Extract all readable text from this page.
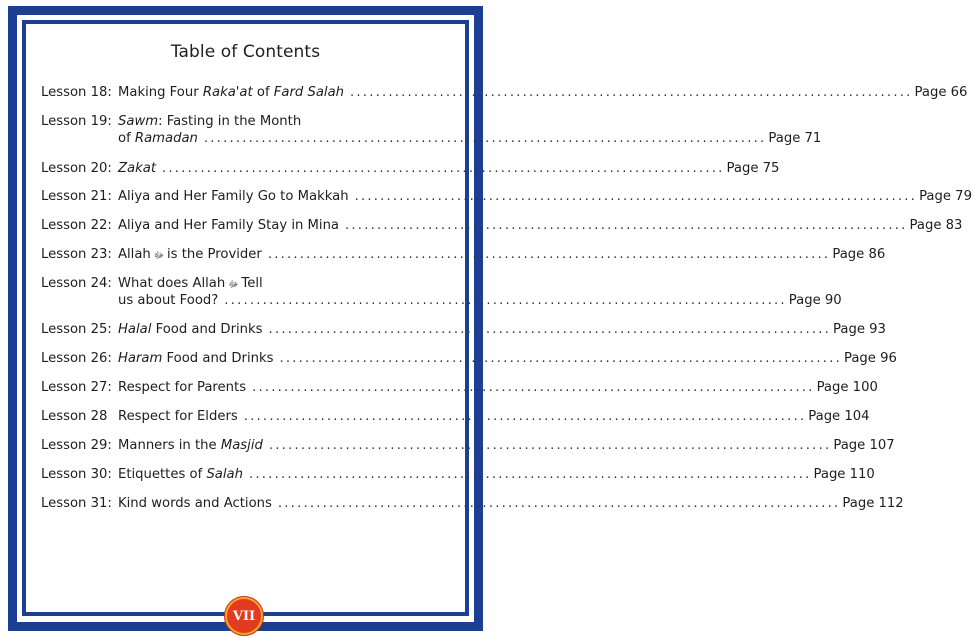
Table of Contents
Lesson 18: Making Four Raka'at of Fard Salah ........................................................................................ Page 66
Lesson 19: Sawm: Fasting in the Month
of Ramadan ........................................................................................ Page 71
Lesson 20: Zakat ........................................................................................ Page 75
Lesson 21: Aliya and Her Family Go to Makkah ........................................................................................ Page 79
Lesson 22: Aliya and Her Family Stay in Mina ........................................................................................ Page 83
Lesson 23: Allah ﷻ is the Provider ........................................................................................ Page 86
Lesson 24: What does Allah ﷻ Tell
us about Food? ........................................................................................ Page 90
Lesson 25: Halal Food and Drinks ........................................................................................ Page 93
Lesson 26: Haram Food and Drinks ........................................................................................ Page 96
Lesson 27: Respect for Parents ........................................................................................ Page 100
Lesson 28 Respect for Elders ........................................................................................ Page 104
Lesson 29: Manners in the Masjid ........................................................................................ Page 107
Lesson 30: Etiquettes of Salah ........................................................................................ Page 110
Lesson 31: Kind words and Actions ........................................................................................ Page 112
VII
